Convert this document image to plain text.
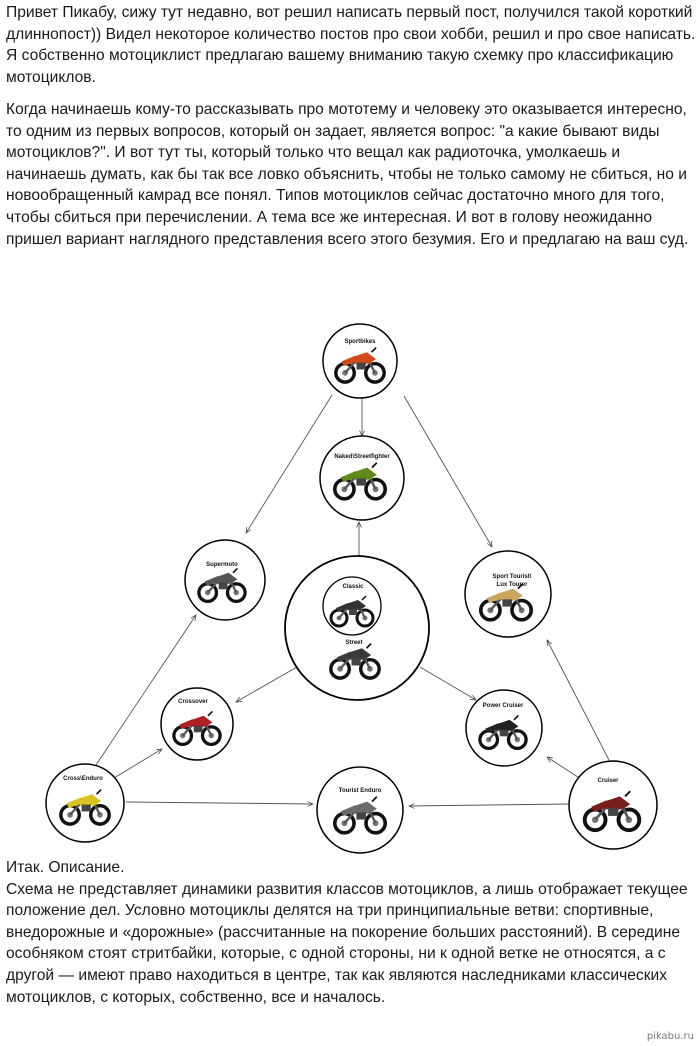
Привет Пикабу, сижу тут недавно, вот решил написать первый пост, получился такой короткий длиннопост)) Видел некоторое количество постов про свои хобби, решил и про свое написать. Я собственно мотоциклист предлагаю вашему вниманию такую схемку про классификацию мотоциклов.

Когда начинаешь кому-то рассказывать про мототему и человеку это оказывается интересно, то одним из первых вопросов, который он задает, является вопрос: "а какие бывают виды мотоциклов?". И вот тут ты, который только что вещал как радиоточка, умолкаешь и начинаешь думать, как бы так все ловко объяснить, чтобы не только самому не сбиться, но и новообращенный камрад все понял. Типов мотоциклов сейчас достаточно много для того, чтобы сбиться при перечислении. А тема все же интересная. И вот в голову неожиданно пришел вариант наглядного представления всего этого безумия. Его и предлагаю на ваш суд.

Sportbikes
Naked\Streetfighter
Supermoto
Classic
Street
Sport Tourist\
Lux Tourer
Crossover
Power Cruiser
Cross\Enduro
Tourist Enduro
Cruiser

Итак. Описание.
Схема не представляет динамики развития классов мотоциклов, а лишь отображает текущее положение дел. Условно мотоциклы делятся на три принципиальные ветви: спортивные, внедорожные и «дорожные» (рассчитанные на покорение больших расстояний). В середине особняком стоят стритбайки, которые, с одной стороны, ни к одной ветке не относятся, а с другой — имеют право находиться в центре, так как являются наследниками классических мотоциклов, с которых, собственно, все и началось.

pikabu.ru
